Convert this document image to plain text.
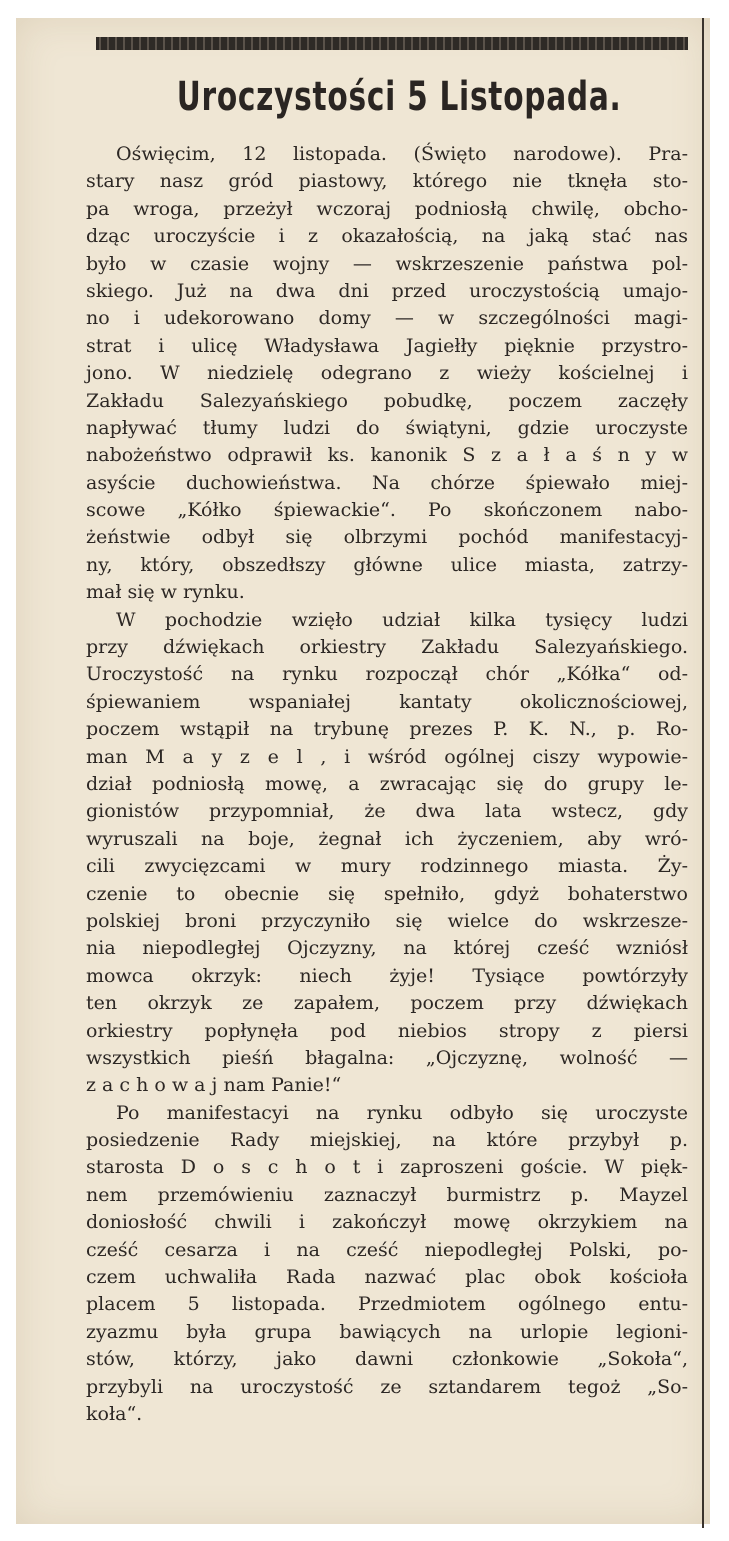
Uroczystości 5 Listopada.
Oświęcim, 12 listopada. (Święto narodowe). Pra-
stary nasz gród piastowy, którego nie tknęła sto-
pa wroga, przeżył wczoraj podniosłą chwilę, obcho-
dząc uroczyście i z okazałością, na jaką stać nas
było w czasie wojny — wskrzeszenie państwa pol-
skiego. Już na dwa dni przed uroczystością umajo-
no i udekorowano domy — w szczególności magi-
strat i ulicę Władysława Jagiełły pięknie przystro-
jono. W niedzielę odegrano z wieży kościelnej i
Zakładu Salezyańskiego pobudkę, poczem zaczęły
napływać tłumy ludzi do świątyni, gdzie uroczyste
nabożeństwo odprawił ks. kanonik S z a ł a ś n y w
asyście duchowieństwa. Na chórze śpiewało miej-
scowe „Kółko śpiewackie“. Po skończonem nabo-
żeństwie odbył się olbrzymi pochód manifestacyj-
ny, który, obszedłszy główne ulice miasta, zatrzy-
mał się w rynku.
W pochodzie wzięło udział kilka tysięcy ludzi
przy dźwiękach orkiestry Zakładu Salezyańskiego.
Uroczystość na rynku rozpoczął chór „Kółka“ od-
śpiewaniem wspaniałej kantaty okolicznościowej,
poczem wstąpił na trybunę prezes P. K. N., p. Ro-
man M a y z e l , i wśród ogólnej ciszy wypowie-
dział podniosłą mowę, a zwracając się do grupy le-
gionistów przypomniał, że dwa lata wstecz, gdy
wyruszali na boje, żegnał ich życzeniem, aby wró-
cili zwycięzcami w mury rodzinnego miasta. Ży-
czenie to obecnie się spełniło, gdyż bohaterstwo
polskiej broni przyczyniło się wielce do wskrzesze-
nia niepodległej Ojczyzny, na której cześć wzniósł
mowca okrzyk: niech żyje! Tysiące powtórzyły
ten okrzyk ze zapałem, poczem przy dźwiękach
orkiestry popłynęła pod niebios stropy z piersi
wszystkich pieśń błagalna: „Ojczyznę, wolność —
z a c h o w a j nam Panie!“
Po manifestacyi na rynku odbyło się uroczyste
posiedzenie Rady miejskiej, na które przybył p.
starosta D o s c h o t i zaproszeni goście. W pięk-
nem przemówieniu zaznaczył burmistrz p. Mayzel
doniosłość chwili i zakończył mowę okrzykiem na
cześć cesarza i na cześć niepodległej Polski, po-
czem uchwaliła Rada nazwać plac obok kościoła
placem 5 listopada. Przedmiotem ogólnego entu-
zyazmu była grupa bawiących na urlopie legioni-
stów, którzy, jako dawni członkowie „Sokoła“,
przybyli na uroczystość ze sztandarem tegoż „So-
koła“.
